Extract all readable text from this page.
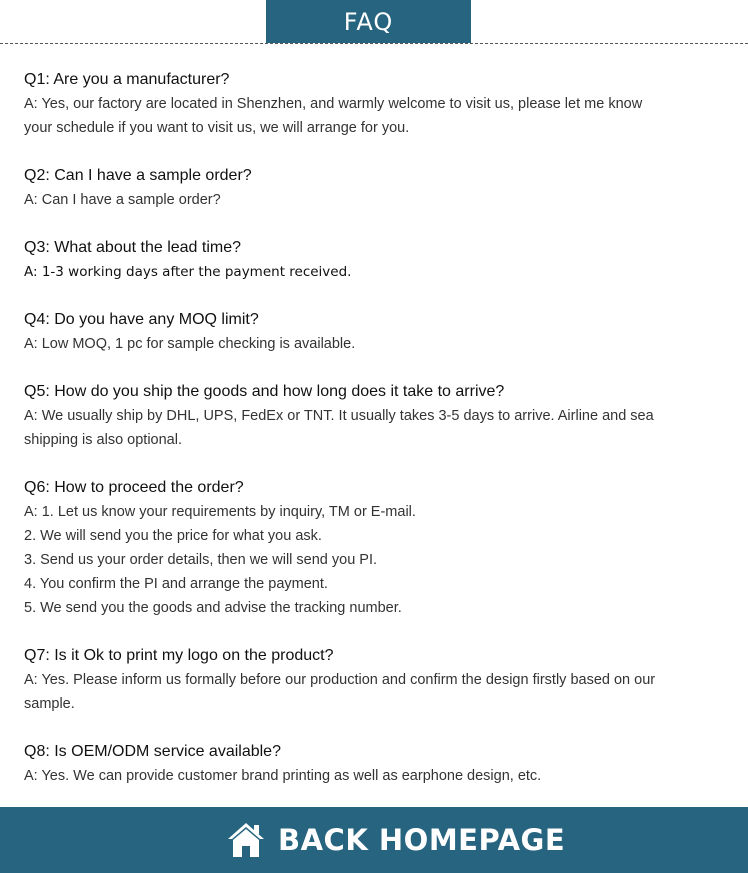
FAQ

Q1: Are you a manufacturer?

A: Yes, our factory are located in Shenzhen, and warmly welcome to visit us, please let me know

your schedule if you want to visit us, we will arrange for you.

Q2: Can I have a sample order?

A: Can I have a sample order?

Q3: What about the lead time?

A: 1-3 working days after the payment received.

Q4: Do you have any MOQ limit?

A: Low MOQ, 1 pc for sample checking is available.

Q5: How do you ship the goods and how long does it take to arrive?

A: We usually ship by DHL, UPS, FedEx or TNT. It usually takes 3-5 days to arrive. Airline and sea

shipping is also optional.

Q6: How to proceed the order?

A: 1. Let us know your requirements by inquiry, TM or E-mail.

2. We will send you the price for what you ask.

3. Send us your order details, then we will send you PI.

4. You confirm the PI and arrange the payment.

5. We send you the goods and advise the tracking number.

Q7: Is it Ok to print my logo on the product?

A: Yes. Please inform us formally before our production and confirm the design firstly based on our

sample.

Q8: Is OEM/ODM service available?

A: Yes. We can provide customer brand printing as well as earphone design, etc.

BACK HOMEPAGE
